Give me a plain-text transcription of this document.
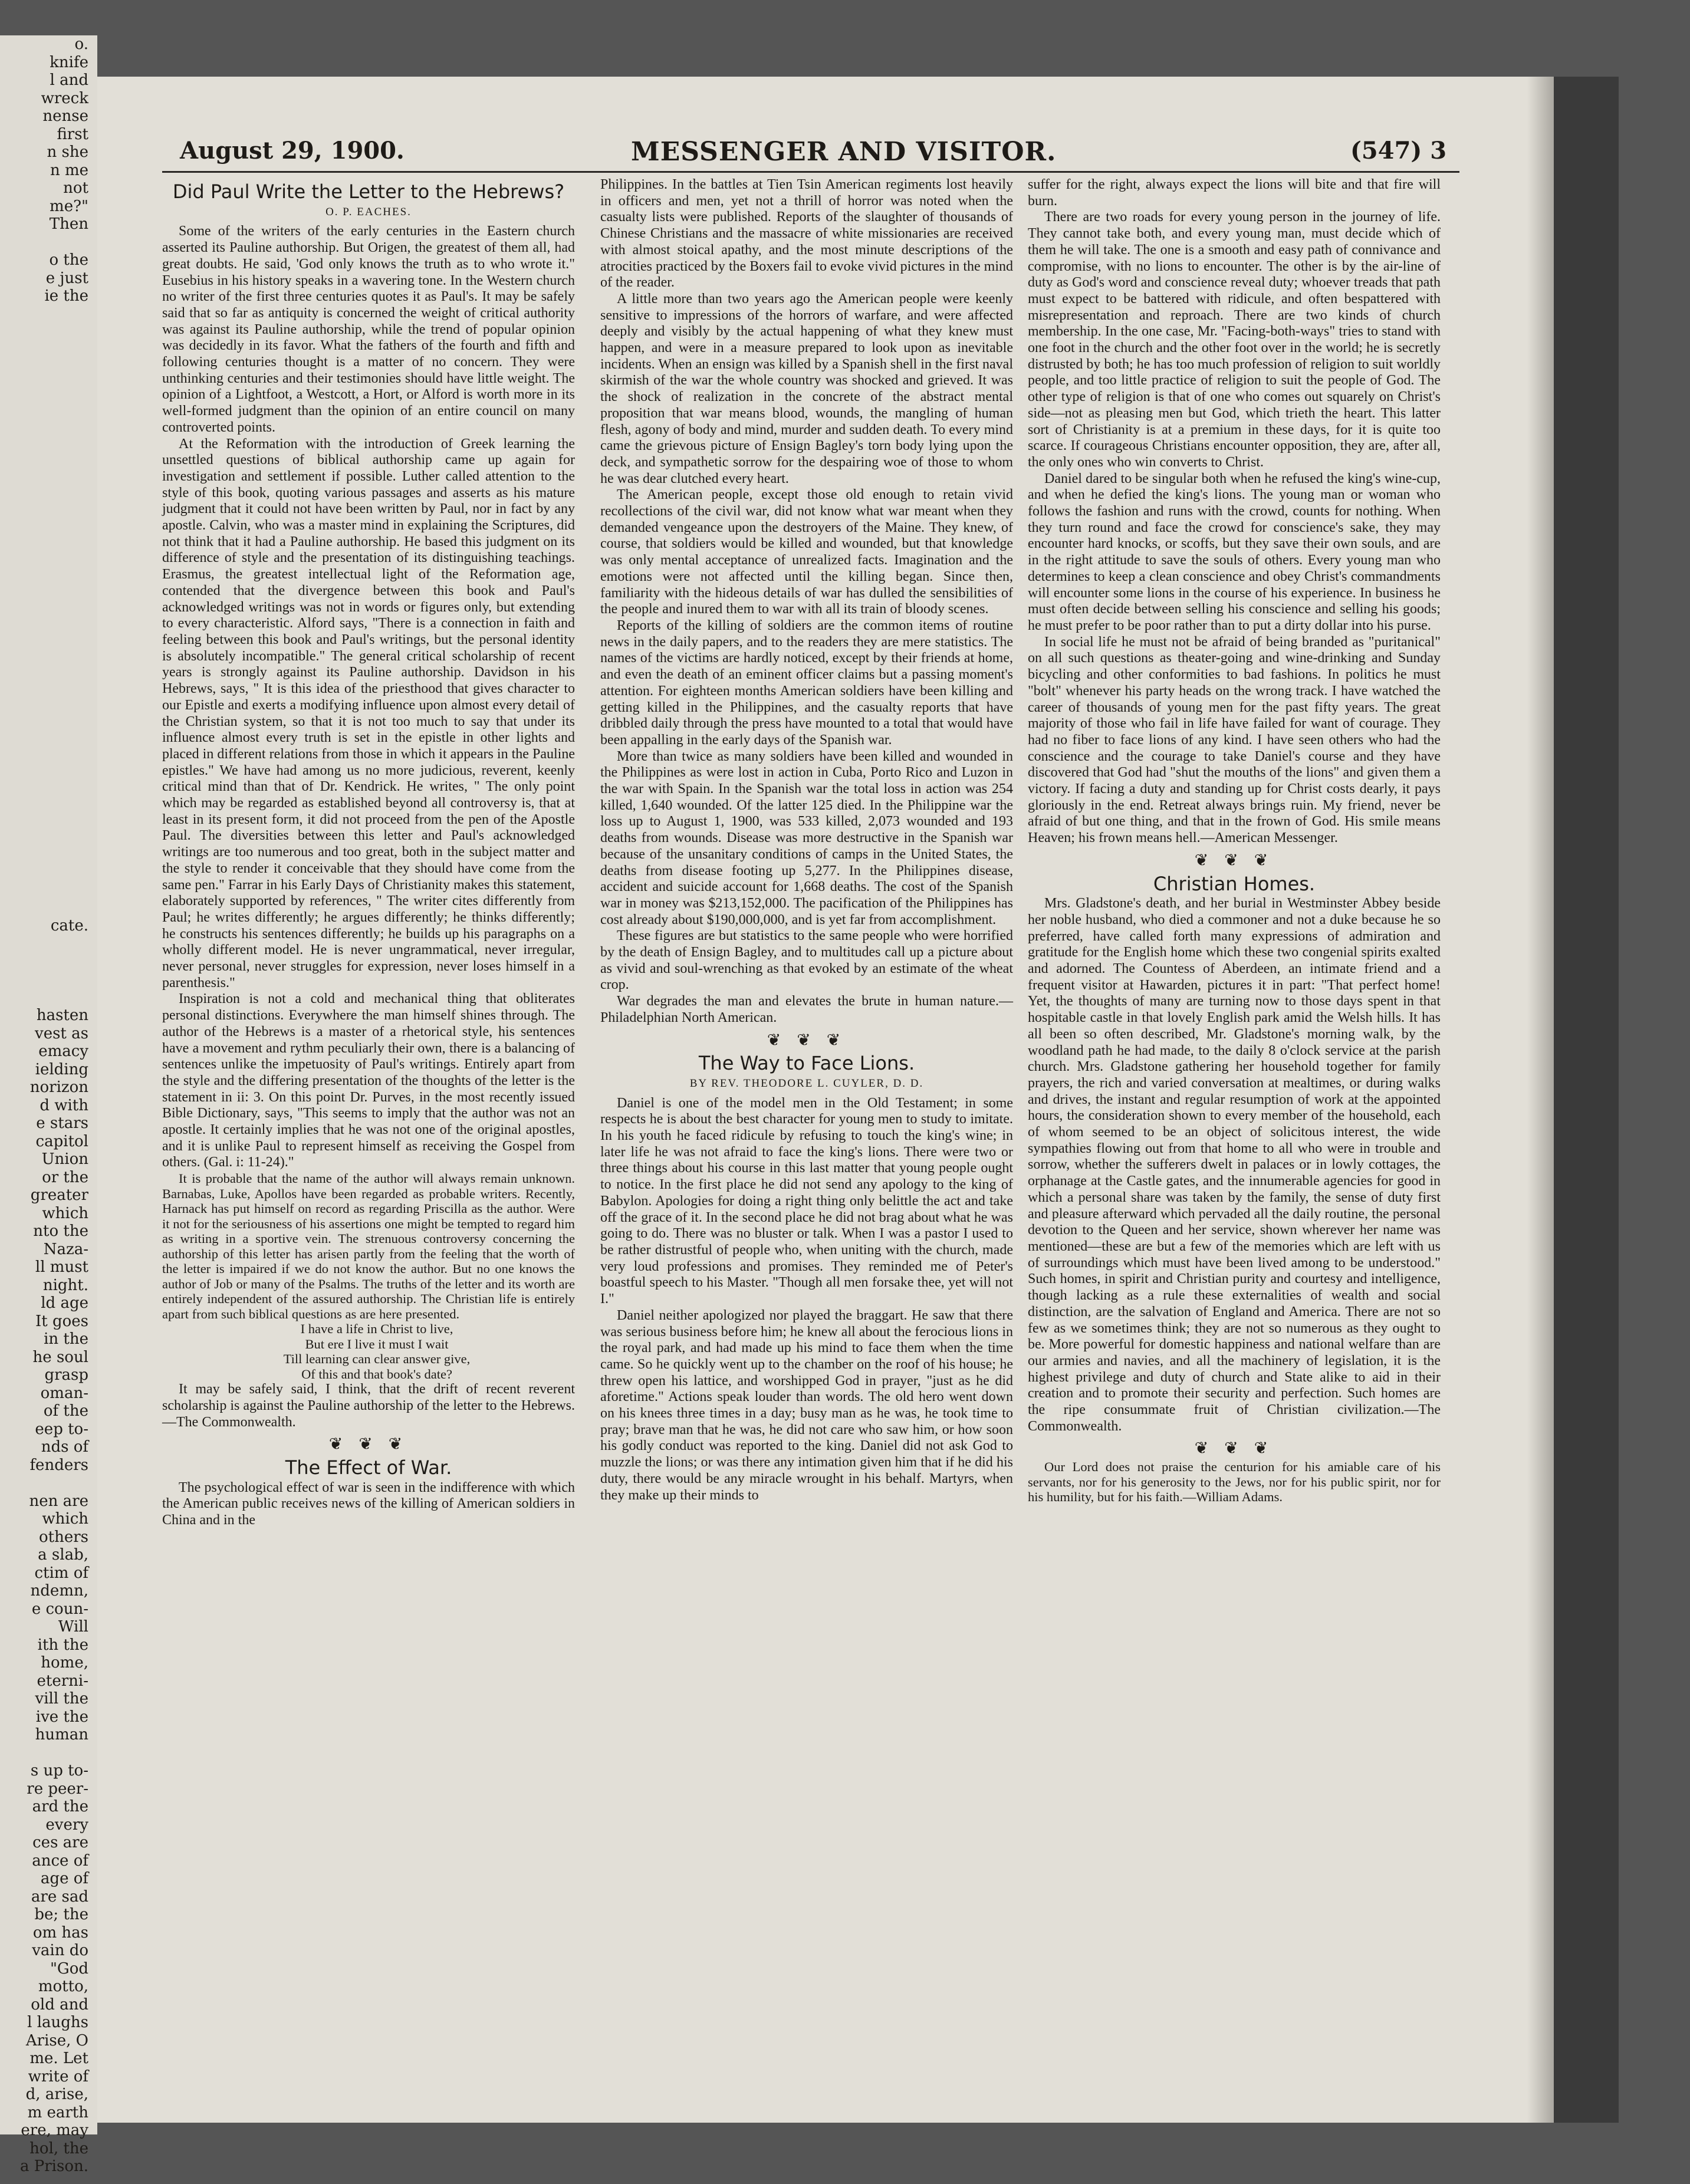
o.
knife
l and
wreck
nense
first
n she
n me
not
me?"
Then

o the
e just
ie the

cate.

hasten
vest as
emacy
ielding
norizon
d with
e stars
capitol
Union
or the
greater
which
nto the
Naza-
ll must
night.
ld age
It goes
in the
he soul
grasp
oman-
of the
eep to-
nds of
fenders

nen are
which
others
a slab,
ctim of
ndemn,
e coun-
Will
ith the
home,
eterni-
vill the
ive the
human

s up to-
re peer-
ard the
every
ces are
ance of
age of
are sad
be; the
om has
vain do
"God
motto,
old and
l laughs
Arise, O
me. Let
write of
d, arise,
m earth
ere, may
hol, the
a Prison.
August 29, 1900.	MESSENGER AND VISITOR.	(547) 3
Did Paul Write the Letter to the Hebrews?
O. P. EACHES.

Some of the writers of the early centuries in the Eastern church asserted its Pauline authorship. But Origen, the greatest of them all, had great doubts. He said, 'God only knows the truth as to who wrote it." Eusebius in his history speaks in a wavering tone. In the Western church no writer of the first three centuries quotes it as Paul's. It may be safely said that so far as antiquity is concerned the weight of critical authority was against its Pauline authorship, while the trend of popular opinion was decidedly in its favor. What the fathers of the fourth and fifth and following centuries thought is a matter of no concern. They were unthinking centuries and their testimonies should have little weight. The opinion of a Lightfoot, a Westcott, a Hort, or Alford is worth more in its well-formed judgment than the opinion of an entire council on many controverted points.

At the Reformation with the introduction of Greek learning the unsettled questions of biblical authorship came up again for investigation and settlement if possible. Luther called attention to the style of this book, quoting various passages and asserts as his mature judgment that it could not have been written by Paul, nor in fact by any apostle. Calvin, who was a master mind in explaining the Scriptures, did not think that it had a Pauline authorship. He based this judgment on its difference of style and the presentation of its distinguishing teachings. Erasmus, the greatest intellectual light of the Reformation age, contended that the divergence between this book and Paul's acknowledged writings was not in words or figures only, but extending to every characteristic. Alford says, "There is a connection in faith and feeling between this book and Paul's writings, but the personal identity is absolutely incompatible." The general critical scholarship of recent years is strongly against its Pauline authorship. Davidson in his Hebrews, says, " It is this idea of the priesthood that gives character to our Epistle and exerts a modifying influence upon almost every detail of the Christian system, so that it is not too much to say that under its influence almost every truth is set in the epistle in other lights and placed in different relations from those in which it appears in the Pauline epistles." We have had among us no more judicious, reverent, keenly critical mind than that of Dr. Kendrick. He writes, " The only point which may be regarded as established beyond all controversy is, that at least in its present form, it did not proceed from the pen of the Apostle Paul. The diversities between this letter and Paul's acknowledged writings are too numerous and too great, both in the subject matter and the style to render it conceivable that they should have come from the same pen." Farrar in his Early Days of Christianity makes this statement, elaborately supported by references, " The writer cites differently from Paul; he writes differently; he argues differently; he thinks differently; he constructs his sentences differently; he builds up his paragraphs on a wholly different model. He is never ungrammatical, never irregular, never personal, never struggles for expression, never loses himself in a parenthesis."

Inspiration is not a cold and mechanical thing that obliterates personal distinctions. Everywhere the man himself shines through. The author of the Hebrews is a master of a rhetorical style, his sentences have a movement and rythm peculiarly their own, there is a balancing of sentences unlike the impetuosity of Paul's writings. Entirely apart from the style and the differing presentation of the thoughts of the letter is the statement in ii: 3. On this point Dr. Purves, in the most recently issued Bible Dictionary, says, "This seems to imply that the author was not an apostle. It certainly implies that he was not one of the original apostles, and it is unlike Paul to represent himself as receiving the Gospel from others. (Gal. i: 11-24)."

It is probable that the name of the author will always remain unknown. Barnabas, Luke, Apollos have been regarded as probable writers. Recently, Harnack has put himself on record as regarding Priscilla as the author. Were it not for the seriousness of his assertions one might be tempted to regard him as writing in a sportive vein. The strenuous controversy concerning the authorship of this letter has arisen partly from the feeling that the worth of the letter is impaired if we do not know the author. But no one knows the author of Job or many of the Psalms. The truths of the letter and its worth are entirely independent of the assured authorship. The Christian life is entirely apart from such biblical questions as are here presented.

I have a life in Christ to live,

But ere I live it must I wait

Till learning can clear answer give,

Of this and that book's date?

It may be safely said, I think, that the drift of recent reverent scholarship is against the Pauline authorship of the letter to the Hebrews.—The Commonwealth.

❦ ❦ ❦
The Effect of War.

The psychological effect of war is seen in the indifference with which the American public receives news of the killing of American soldiers in China and in the

Philippines. In the battles at Tien Tsin American regiments lost heavily in officers and men, yet not a thrill of horror was noted when the casualty lists were published. Reports of the slaughter of thousands of Chinese Christians and the massacre of white missionaries are received with almost stoical apathy, and the most minute descriptions of the atrocities practiced by the Boxers fail to evoke vivid pictures in the mind of the reader.

A little more than two years ago the American people were keenly sensitive to impressions of the horrors of warfare, and were affected deeply and visibly by the actual happening of what they knew must happen, and were in a measure prepared to look upon as inevitable incidents. When an ensign was killed by a Spanish shell in the first naval skirmish of the war the whole country was shocked and grieved. It was the shock of realization in the concrete of the abstract mental proposition that war means blood, wounds, the mangling of human flesh, agony of body and mind, murder and sudden death. To every mind came the grievous picture of Ensign Bagley's torn body lying upon the deck, and sympathetic sorrow for the despairing woe of those to whom he was dear clutched every heart.

The American people, except those old enough to retain vivid recollections of the civil war, did not know what war meant when they demanded vengeance upon the destroyers of the Maine. They knew, of course, that soldiers would be killed and wounded, but that knowledge was only mental acceptance of unrealized facts. Imagination and the emotions were not affected until the killing began. Since then, familiarity with the hideous details of war has dulled the sensibilities of the people and inured them to war with all its train of bloody scenes.

Reports of the killing of soldiers are the common items of routine news in the daily papers, and to the readers they are mere statistics. The names of the victims are hardly noticed, except by their friends at home, and even the death of an eminent officer claims but a passing moment's attention. For eighteen months American soldiers have been killing and getting killed in the Philippines, and the casualty reports that have dribbled daily through the press have mounted to a total that would have been appalling in the early days of the Spanish war.

More than twice as many soldiers have been killed and wounded in the Philippines as were lost in action in Cuba, Porto Rico and Luzon in the war with Spain. In the Spanish war the total loss in action was 254 killed, 1,640 wounded. Of the latter 125 died. In the Philippine war the loss up to August 1, 1900, was 533 killed, 2,073 wounded and 193 deaths from wounds. Disease was more destructive in the Spanish war because of the unsanitary conditions of camps in the United States, the deaths from disease footing up 5,277. In the Philippines disease, accident and suicide account for 1,668 deaths. The cost of the Spanish war in money was $213,152,000. The pacification of the Philippines has cost already about $190,000,000, and is yet far from accomplishment.

These figures are but statistics to the same people who were horrified by the death of Ensign Bagley, and to multitudes call up a picture about as vivid and soul-wrenching as that evoked by an estimate of the wheat crop.

War degrades the man and elevates the brute in human nature.—Philadelphian North American.

❦ ❦ ❦
The Way to Face Lions.
BY REV. THEODORE L. CUYLER, D. D.

Daniel is one of the model men in the Old Testament; in some respects he is about the best character for young men to study to imitate. In his youth he faced ridicule by refusing to touch the king's wine; in later life he was not afraid to face the king's lions. There were two or three things about his course in this last matter that young people ought to notice. In the first place he did not send any apology to the king of Babylon. Apologies for doing a right thing only belittle the act and take off the grace of it. In the second place he did not brag about what he was going to do. There was no bluster or talk. When I was a pastor I used to be rather distrustful of people who, when uniting with the church, made very loud professions and promises. They reminded me of Peter's boastful speech to his Master. "Though all men forsake thee, yet will not I."

Daniel neither apologized nor played the braggart. He saw that there was serious business before him; he knew all about the ferocious lions in the royal park, and had made up his mind to face them when the time came. So he quickly went up to the chamber on the roof of his house; he threw open his lattice, and worshipped God in prayer, "just as he did aforetime." Actions speak louder than words. The old hero went down on his knees three times in a day; busy man as he was, he took time to pray; brave man that he was, he did not care who saw him, or how soon his godly conduct was reported to the king. Daniel did not ask God to muzzle the lions; or was there any intimation given him that if he did his duty, there would be any miracle wrought in his behalf. Martyrs, when they make up their minds to

suffer for the right, always expect the lions will bite and that fire will burn.

There are two roads for every young person in the journey of life. They cannot take both, and every young man, must decide which of them he will take. The one is a smooth and easy path of connivance and compromise, with no lions to encounter. The other is by the air-line of duty as God's word and conscience reveal duty; whoever treads that path must expect to be battered with ridicule, and often bespattered with misrepresentation and reproach. There are two kinds of church membership. In the one case, Mr. "Facing-both-ways" tries to stand with one foot in the church and the other foot over in the world; he is secretly distrusted by both; he has too much profession of religion to suit worldly people, and too little practice of religion to suit the people of God. The other type of religion is that of one who comes out squarely on Christ's side—not as pleasing men but God, which trieth the heart. This latter sort of Christianity is at a premium in these days, for it is quite too scarce. If courageous Christians encounter opposition, they are, after all, the only ones who win converts to Christ.

Daniel dared to be singular both when he refused the king's wine-cup, and when he defied the king's lions. The young man or woman who follows the fashion and runs with the crowd, counts for nothing. When they turn round and face the crowd for conscience's sake, they may encounter hard knocks, or scoffs, but they save their own souls, and are in the right attitude to save the souls of others. Every young man who determines to keep a clean conscience and obey Christ's commandments will encounter some lions in the course of his experience. In business he must often decide between selling his conscience and selling his goods; he must prefer to be poor rather than to put a dirty dollar into his purse.

In social life he must not be afraid of being branded as "puritanical" on all such questions as theater-going and wine-drinking and Sunday bicycling and other conformities to bad fashions. In politics he must "bolt" whenever his party heads on the wrong track. I have watched the career of thousands of young men for the past fifty years. The great majority of those who fail in life have failed for want of courage. They had no fiber to face lions of any kind. I have seen others who had the conscience and the courage to take Daniel's course and they have discovered that God had "shut the mouths of the lions" and given them a victory. If facing a duty and standing up for Christ costs dearly, it pays gloriously in the end. Retreat always brings ruin. My friend, never be afraid of but one thing, and that in the frown of God. His smile means Heaven; his frown means hell.—American Messenger.

❦ ❦ ❦
Christian Homes.

Mrs. Gladstone's death, and her burial in Westminster Abbey beside her noble husband, who died a commoner and not a duke because he so preferred, have called forth many expressions of admiration and gratitude for the English home which these two congenial spirits exalted and adorned. The Countess of Aberdeen, an intimate friend and a frequent visitor at Hawarden, pictures it in part: "That perfect home! Yet, the thoughts of many are turning now to those days spent in that hospitable castle in that lovely English park amid the Welsh hills. It has all been so often described, Mr. Gladstone's morning walk, by the woodland path he had made, to the daily 8 o'clock service at the parish church. Mrs. Gladstone gathering her household together for family prayers, the rich and varied conversation at mealtimes, or during walks and drives, the instant and regular resumption of work at the appointed hours, the consideration shown to every member of the household, each of whom seemed to be an object of solicitous interest, the wide sympathies flowing out from that home to all who were in trouble and sorrow, whether the sufferers dwelt in palaces or in lowly cottages, the orphanage at the Castle gates, and the innumerable agencies for good in which a personal share was taken by the family, the sense of duty first and pleasure afterward which pervaded all the daily routine, the personal devotion to the Queen and her service, shown wherever her name was mentioned—these are but a few of the memories which are left with us of surroundings which must have been lived among to be understood." Such homes, in spirit and Christian purity and courtesy and intelligence, though lacking as a rule these externalities of wealth and social distinction, are the salvation of England and America. There are not so few as we sometimes think; they are not so numerous as they ought to be. More powerful for domestic happiness and national welfare than are our armies and navies, and all the machinery of legislation, it is the highest privilege and duty of church and State alike to aid in their creation and to promote their security and perfection. Such homes are the ripe consummate fruit of Christian civilization.—The Commonwealth.

❦ ❦ ❦

Our Lord does not praise the centurion for his amiable care of his servants, nor for his generosity to the Jews, nor for his public spirit, nor for his humility, but for his faith.—William Adams.
